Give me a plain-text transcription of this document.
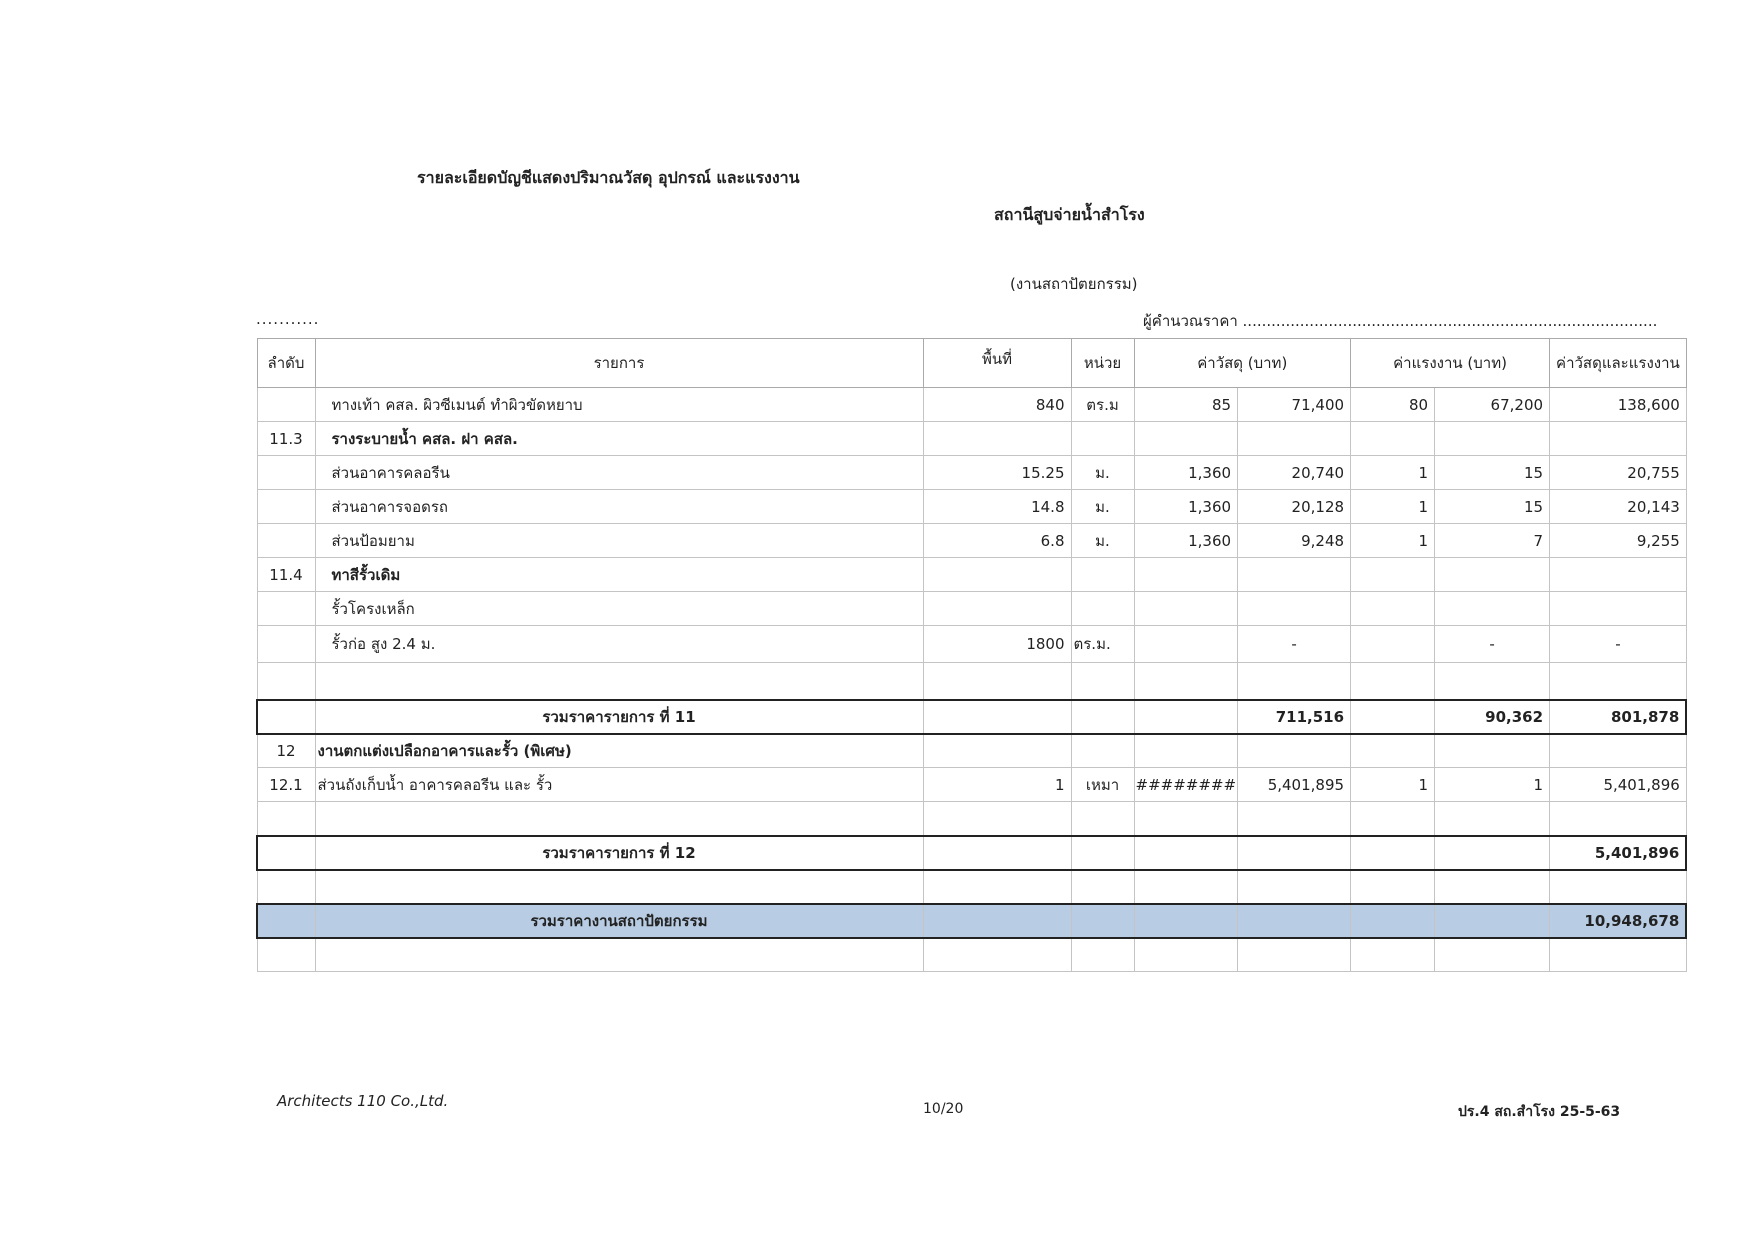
รายละเอียดบัญชีแสดงปริมาณวัสดุ อุปกรณ์ และแรงงาน
สถานีสูบจ่ายน้ำสำโรง
(งานสถาปัตยกรรม)
...........	ผู้คำนวณราคา .......................................................................................
ลำดับ	รายการ	พื้นที่	หน่วย	ค่าวัสดุ (บาท)		ค่าแรงงาน (บาท)		ค่าวัสดุและแรงงาน
	ทางเท้า คสล. ผิวซีเมนต์ ทำผิวขัดหยาบ	840	ตร.ม	85	71,400	80	67,200	138,600
11.3	รางระบายน้ำ คสล. ฝา คสล.							
	ส่วนอาคารคลอรีน	15.25	ม.	1,360	20,740	1	15	20,755
	ส่วนอาคารจอดรถ	14.8	ม.	1,360	20,128	1	15	20,143
	ส่วนป้อมยาม	6.8	ม.	1,360	9,248	1	7	9,255
11.4	ทาสีรั้วเดิม							
	รั้วโครงเหล็ก							
	รั้วก่อ สูง 2.4 ม.	1800	ตร.ม.		-		-	-

	รวมราคารายการ ที่ 11				711,516		90,362	801,878
12	งานตกแต่งเปลือกอาคารและรั้ว (พิเศษ)							
12.1	ส่วนถังเก็บน้ำ อาคารคลอรีน และ รั้ว	1	เหมา	########	5,401,895	1	1	5,401,896

	รวมราคารายการ ที่ 12							5,401,896

	รวมราคางานสถาปัตยกรรม							10,948,678

Architects 110 Co.,Ltd.	10/20	ปร.4 สถ.สำโรง 25-5-63
